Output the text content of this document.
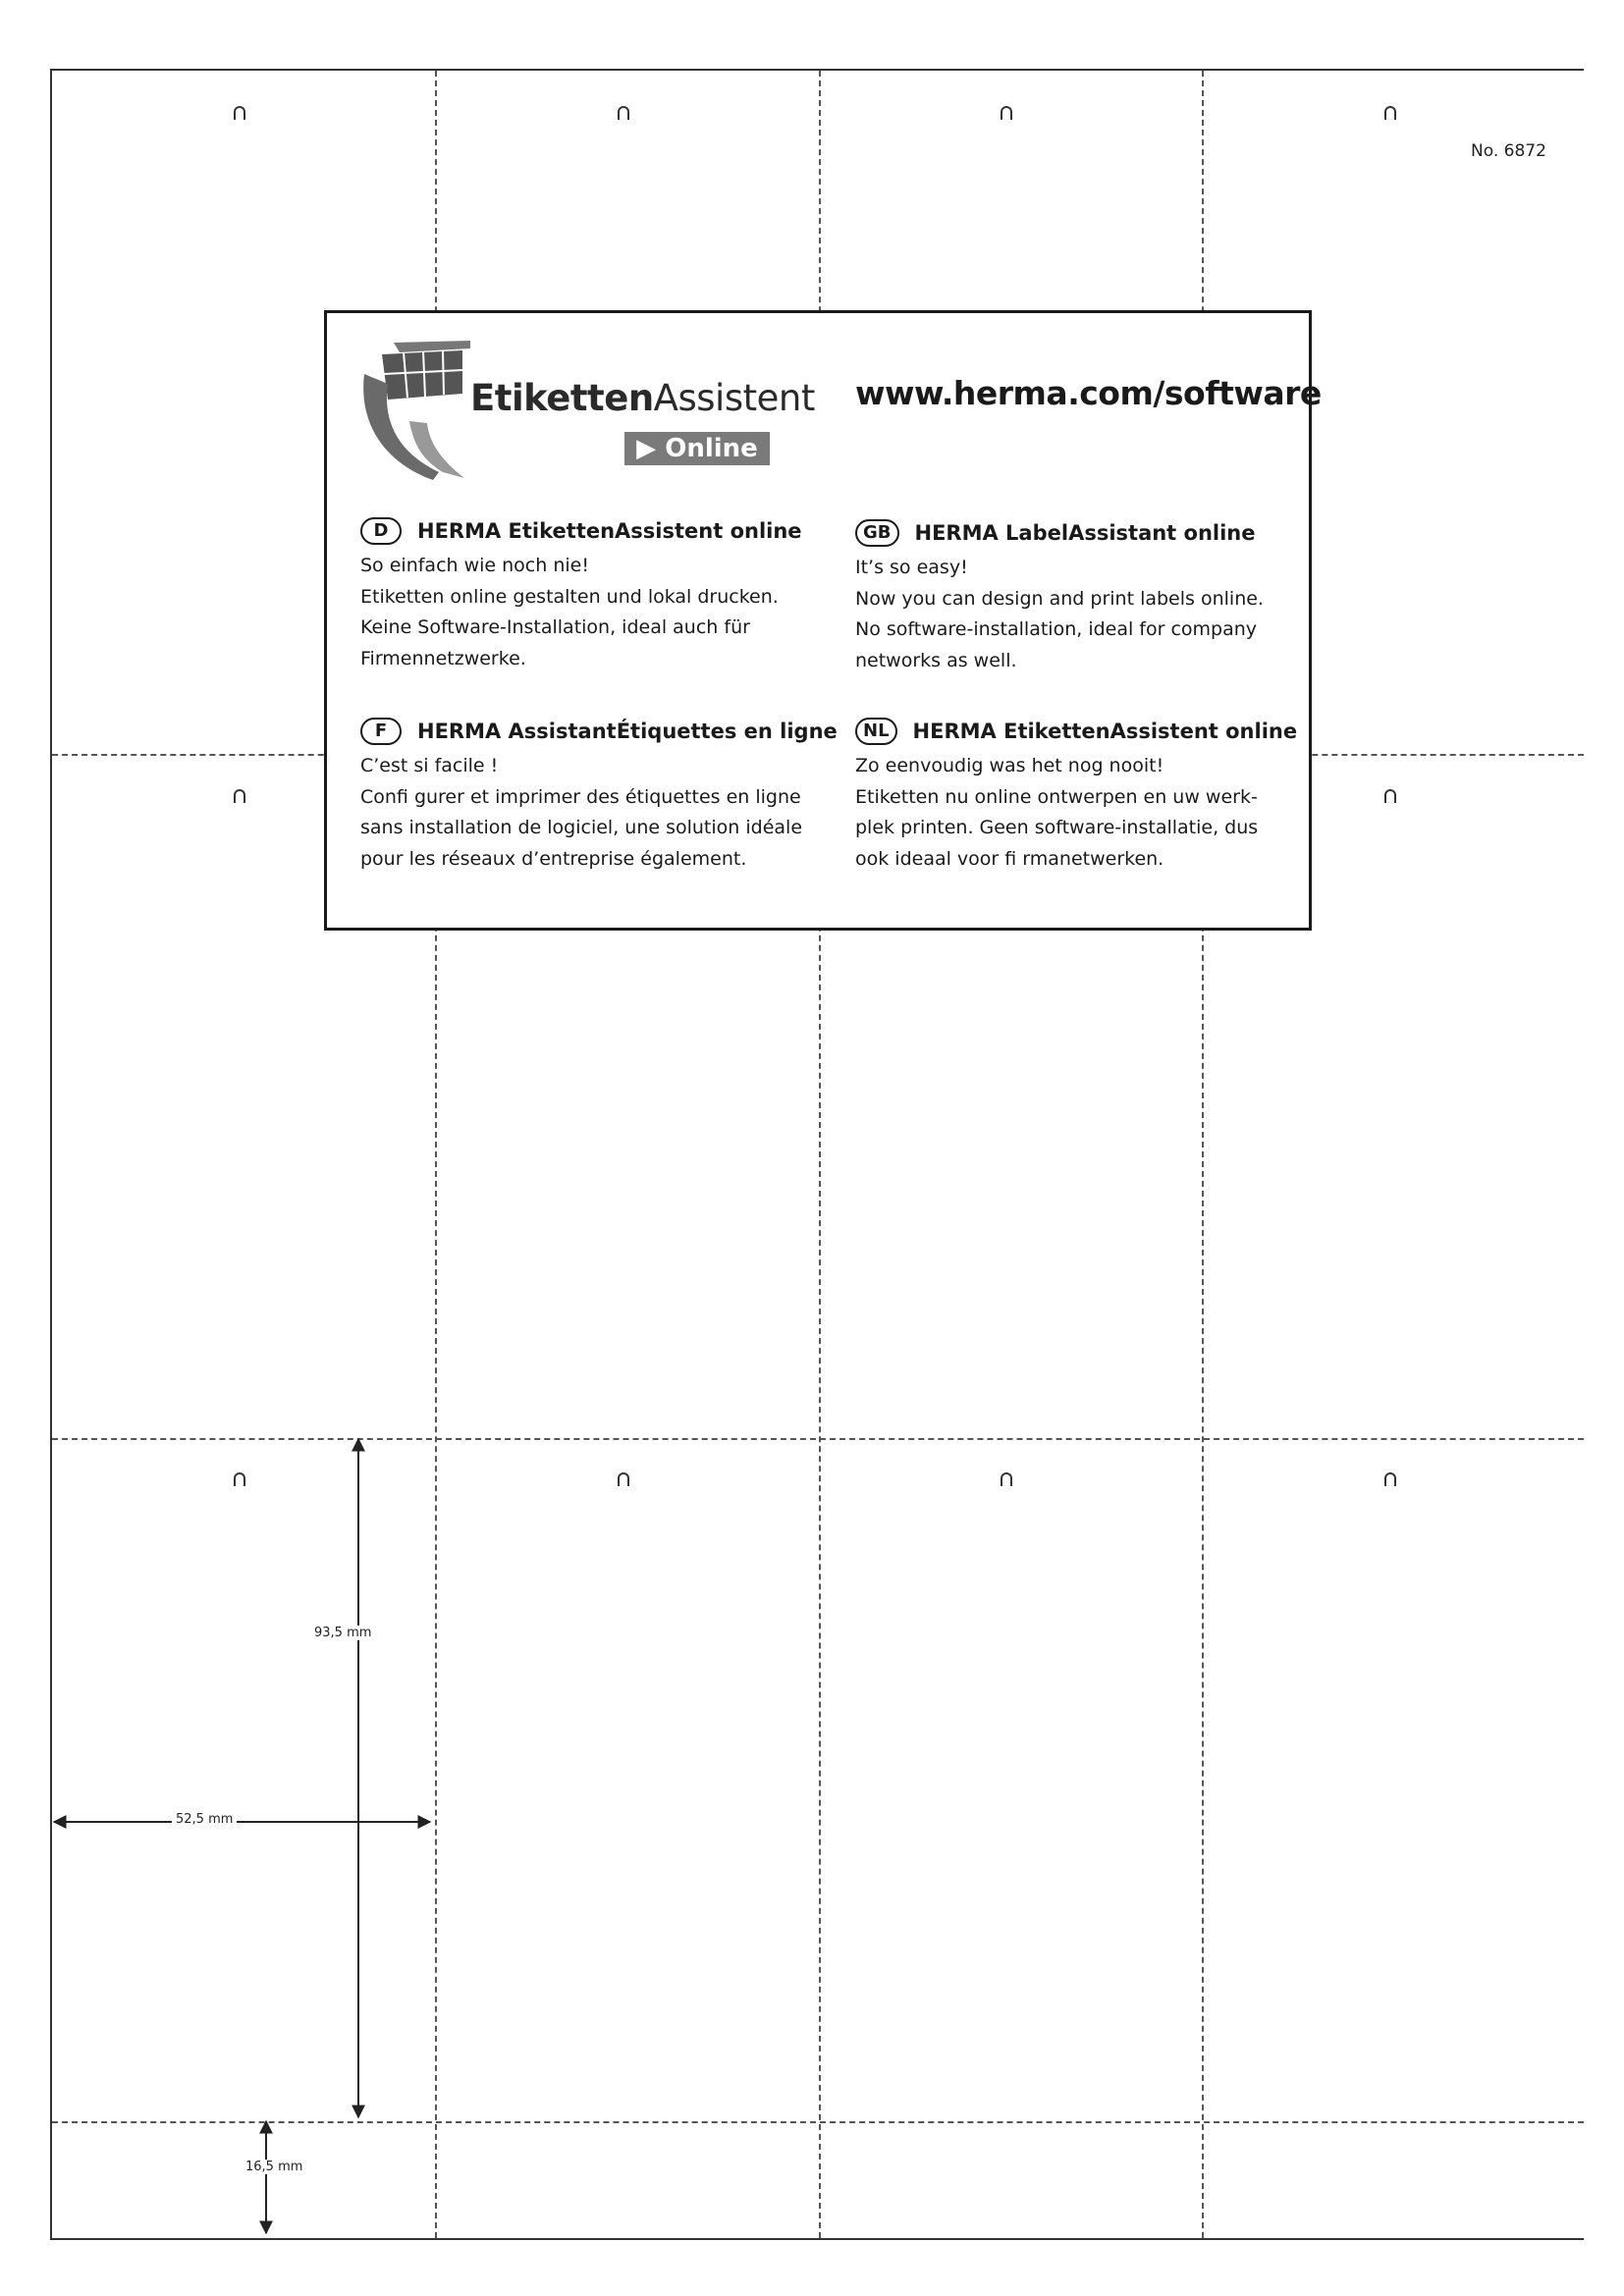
No. 6872
93,5 mm
52,5 mm
16,5 mm
EtikettenAssistent
▶ Online
www.herma.com/software
D	HERMA EtikettenAssistent online
So einfach wie noch nie!
Etiketten online gestalten und lokal drucken.
Keine Software-Installation, ideal auch für
Firmennetzwerke.
GB	HERMA LabelAssistant online
It’s so easy!
Now you can design and print labels online.
No software-installation, ideal for company
networks as well.
F	HERMA AssistantÉtiquettes en ligne
C’est si facile !
Confi gurer et imprimer des étiquettes en ligne
sans installation de logiciel, une solution idéale
pour les réseaux d’entreprise également.
NL	HERMA EtikettenAssistent online
Zo eenvoudig was het nog nooit!
Etiketten nu online ontwerpen en uw werk-
plek printen. Geen software-installatie, dus
ook ideaal voor fi rmanetwerken.
